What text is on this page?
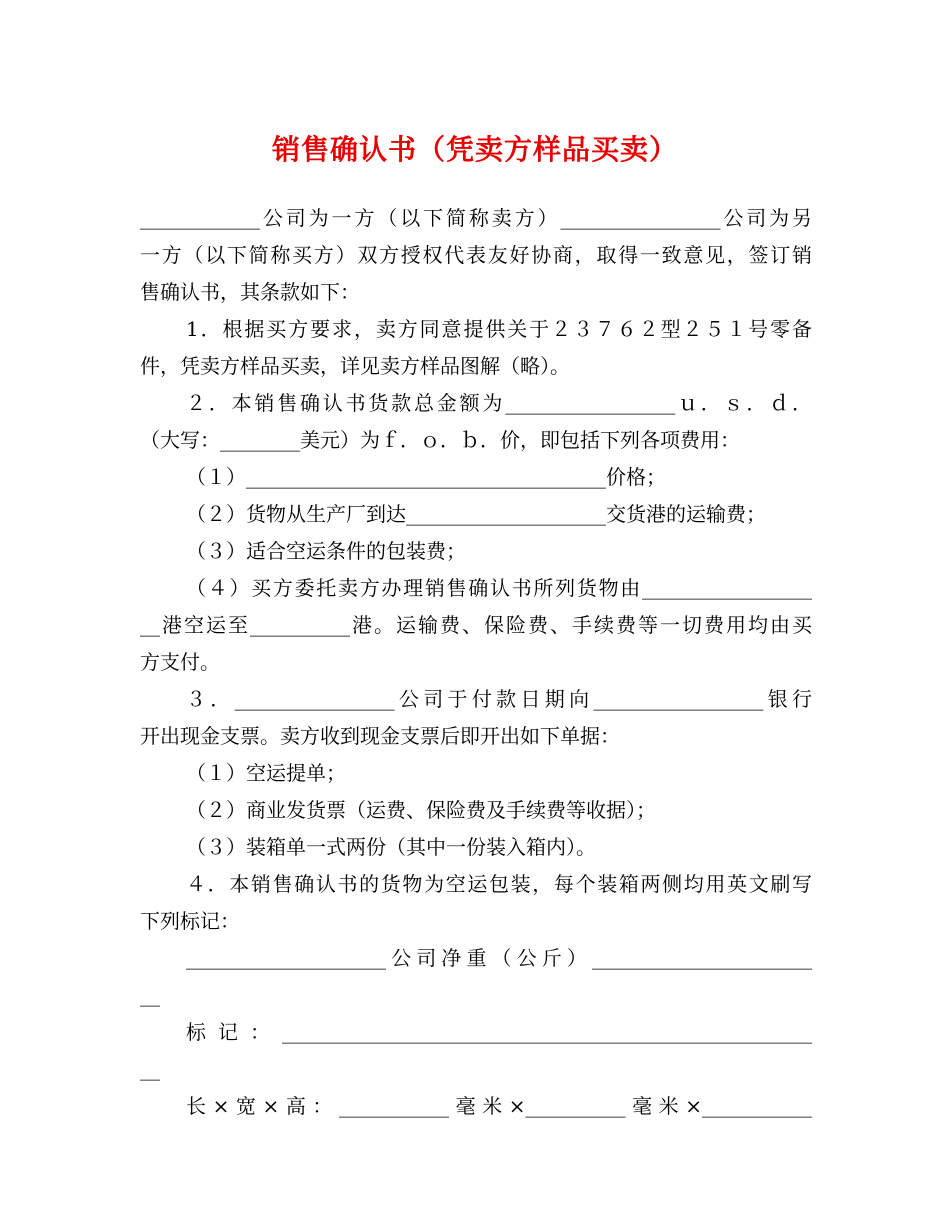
销售确认书（凭卖方样品买卖）
____________公司为一方（以下简称卖方）________________公司为另
一方（以下简称买方）双方授权代表友好协商，取得一致意见，签订销
售确认书，其条款如下：
1．根据买方要求，卖方同意提供关于２３７６２型２５１号零备
件，凭卖方样品买卖，详见卖方样品图解（略）。
２．本销售确认书货款总金额为_________________ｕ．ｓ．ｄ．
（大写：________美元）为ｆ．ｏ．ｂ．价，即包括下列各项费用：
（１）____________________________________价格；
（２）货物从生产厂到达____________________交货港的运输费；
（３）适合空运条件的包装费；
（４）买方委托卖方办理销售确认书所列货物由_________________
__港空运至__________港。运输费、保险费、手续费等一切费用均由买
方支付。
３．________________公司于付款日期向_________________银行
开出现金支票。卖方收到现金支票后即开出如下单据：
（１）空运提单；
（２）商业发货票（运费、保险费及手续费等收据）；
（３）装箱单一式两份（其中一份装入箱内）。
４．本销售确认书的货物为空运包装，每个装箱两侧均用英文刷写
下列标记：
____________________公司净重（公斤）______________________
__
标记：_____________________________________________________
__
长×宽×高：___________毫米×__________毫米×___________
